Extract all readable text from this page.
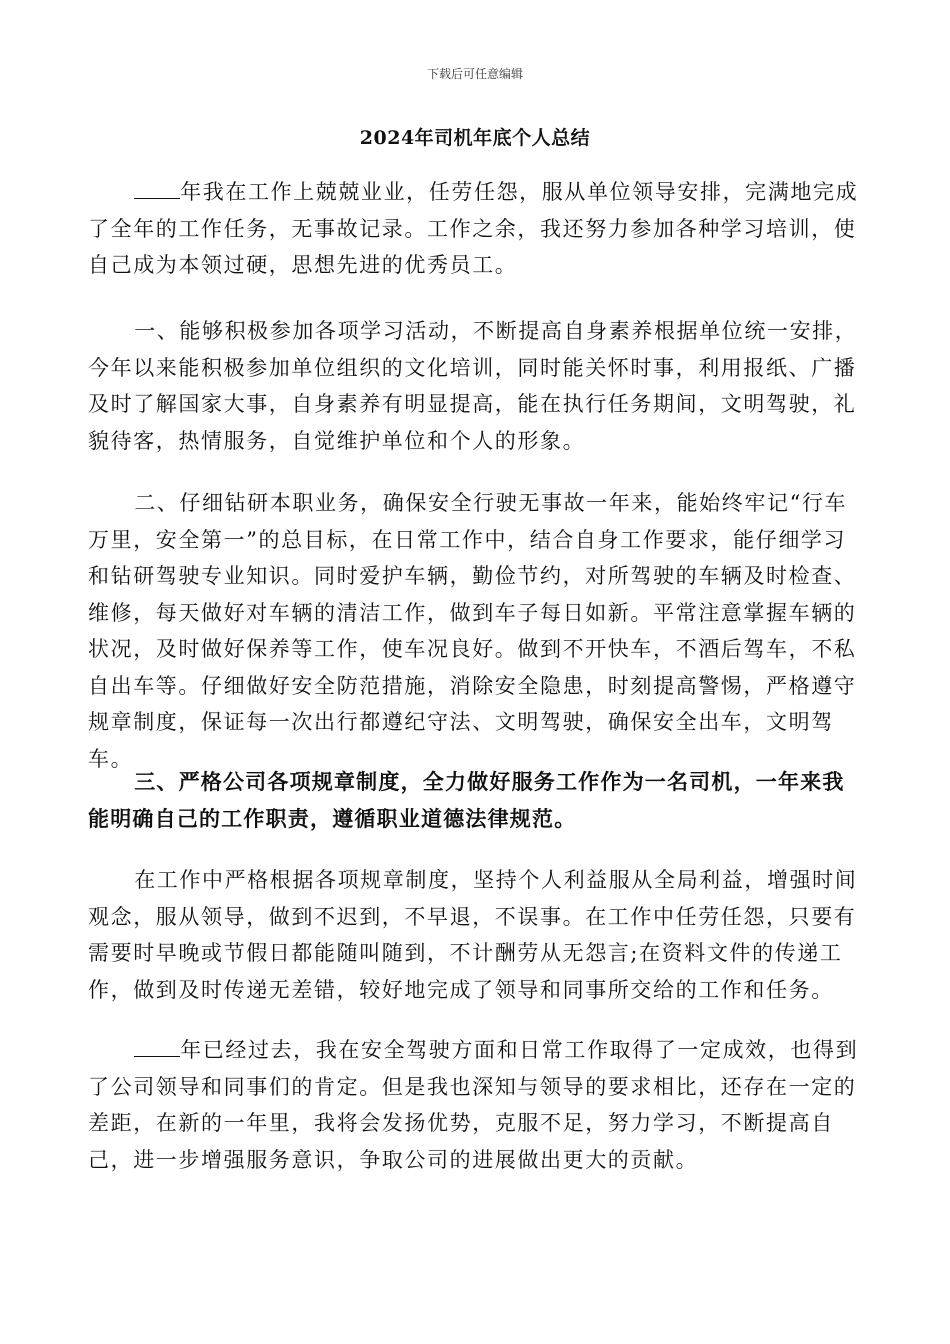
下载后可任意编辑
2024年司机年底个人总结

年我在工作上兢兢业业，任劳任怨，服从单位领导安排，完满地完成了全年的工作任务，无事故记录。工作之余，我还努力参加各种学习培训，使自己成为本领过硬，思想先进的优秀员工。

一、能够积极参加各项学习活动，不断提高自身素养根据单位统一安排，今年以来能积极参加单位组织的文化培训，同时能关怀时事，利用报纸、广播及时了解国家大事，自身素养有明显提高，能在执行任务期间，文明驾驶，礼貌待客，热情服务，自觉维护单位和个人的形象。

二、仔细钻研本职业务，确保安全行驶无事故一年来，能始终牢记“行车万里，安全第一”的总目标，在日常工作中，结合自身工作要求，能仔细学习和钻研驾驶专业知识。同时爱护车辆，勤俭节约，对所驾驶的车辆及时检查、维修，每天做好对车辆的清洁工作，做到车子每日如新。平常注意掌握车辆的状况，及时做好保养等工作，使车况良好。做到不开快车，不酒后驾车，不私自出车等。仔细做好安全防范措施，消除安全隐患，时刻提高警惕，严格遵守规章制度，保证每一次出行都遵纪守法、文明驾驶，确保安全出车，文明驾车。

三、严格公司各项规章制度，全力做好服务工作作为一名司机，一年来我能明确自己的工作职责，遵循职业道德法律规范。

在工作中严格根据各项规章制度，坚持个人利益服从全局利益，增强时间观念，服从领导，做到不迟到，不早退，不误事。在工作中任劳任怨，只要有需要时早晚或节假日都能随叫随到，不计酬劳从无怨言;在资料文件的传递工作，做到及时传递无差错，较好地完成了领导和同事所交给的工作和任务。

年已经过去，我在安全驾驶方面和日常工作取得了一定成效，也得到了公司领导和同事们的肯定。但是我也深知与领导的要求相比，还存在一定的差距，在新的一年里，我将会发扬优势，克服不足，努力学习，不断提高自己，进一步增强服务意识，争取公司的进展做出更大的贡献。
